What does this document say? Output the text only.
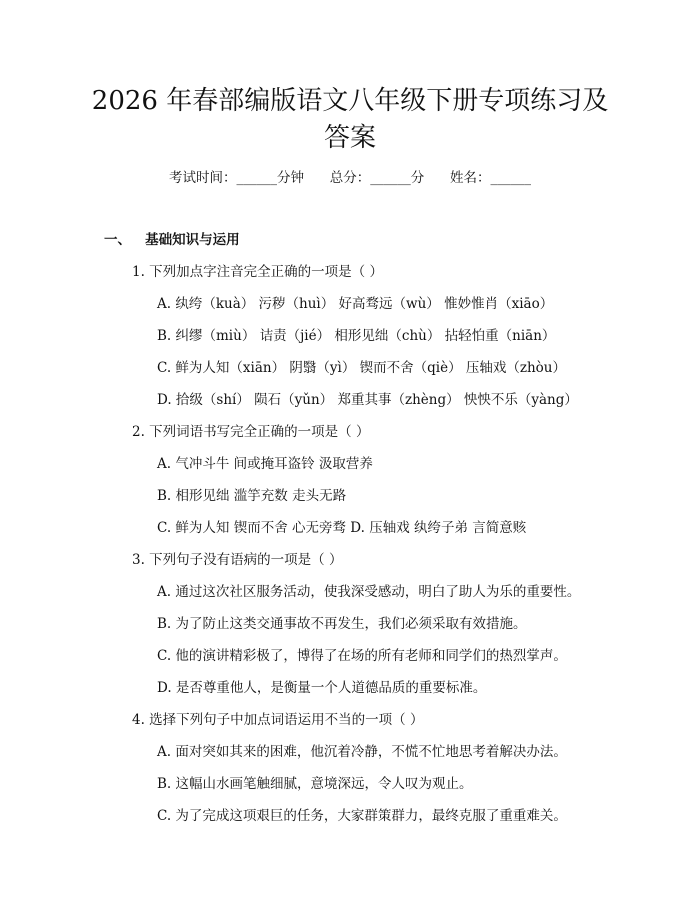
2026 年春部编版语文八年级下册专项练习及
答案
考试时间：______分钟      总分：______分      姓名：______
一、   基础知识与运用
1. 下列加点字注音完全正确的一项是（ ）
A. 纨绔（kuà） 污秽（huì） 好高骛远（wù） 惟妙惟肖（xiāo）
B. 纠缪（miù） 诘责（jié） 相形见绌（chù） 拈轻怕重（niān）
C. 鲜为人知（xiān） 阴翳（yì） 锲而不舍（qiè） 压轴戏（zhòu）
D. 拾级（shí） 陨石（yǔn） 郑重其事（zhèng） 怏怏不乐（yàng）
2. 下列词语书写完全正确的一项是（ ）
A. 气冲斗牛 间或掩耳盗铃 汲取营养
B. 相形见绌 滥竽充数 走头无路
C. 鲜为人知 锲而不舍 心无旁骛 D. 压轴戏 纨绔子弟 言简意赅
3. 下列句子没有语病的一项是（ ）
A. 通过这次社区服务活动，使我深受感动，明白了助人为乐的重要性。
B. 为了防止这类交通事故不再发生，我们必须采取有效措施。
C. 他的演讲精彩极了，博得了在场的所有老师和同学们的热烈掌声。
D. 是否尊重他人，是衡量一个人道德品质的重要标准。
4. 选择下列句子中加点词语运用不当的一项（ ）
A. 面对突如其来的困难，他沉着冷静，不慌不忙地思考着解决办法。
B. 这幅山水画笔触细腻，意境深远，令人叹为观止。
C. 为了完成这项艰巨的任务，大家群策群力，最终克服了重重难关。
